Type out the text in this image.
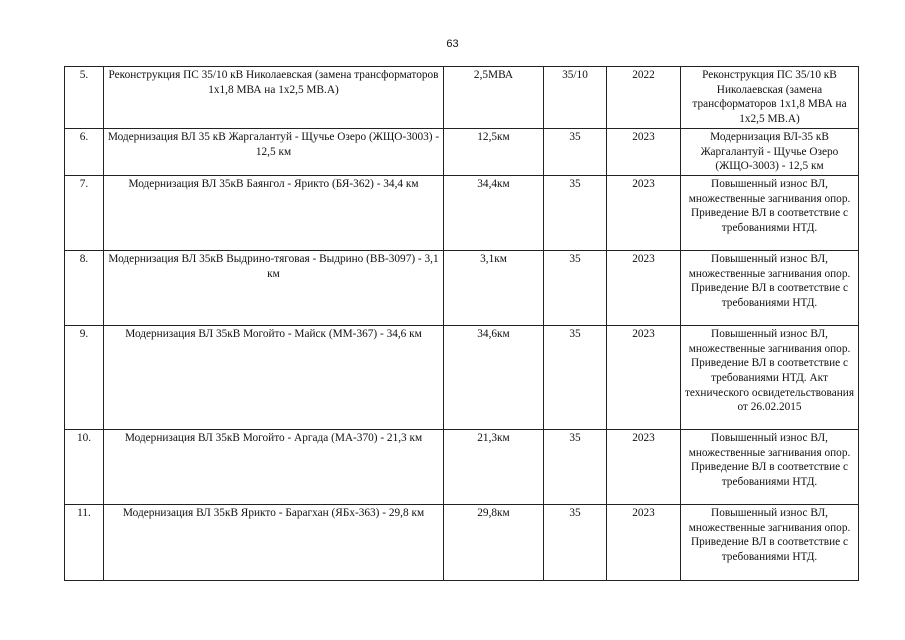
63
5.	Реконструкция ПС 35/10 кВ Николаевская (замена трансформаторов 1х1,8 МВА на 1х2,5 МВ.А)	2,5МВА	35/10	2022	Реконструкция ПС 35/10 кВ Николаевская (замена трансформаторов 1х1,8 МВА на 1х2,5 МВ.А)
6.	Модернизация ВЛ 35 кВ Жаргалантуй - Щучье Озеро (ЖЩО-3003) - 12,5 км	12,5км	35	2023	Модернизация ВЛ-35 кВ Жаргалантуй - Щучье Озеро (ЖЩО-3003) - 12,5 км
7.	Модернизация ВЛ 35кВ Баянгол - Яриктo (БЯ-362) - 34,4 км	34,4км	35	2023	Повышенный износ ВЛ, множественные загнивания опор. Приведение ВЛ в соответствие с требованиями НТД.
8.	Модернизация ВЛ 35кВ Выдрино-тяговая - Выдрино (ВВ-3097) - 3,1 км	3,1км	35	2023	Повышенный износ ВЛ, множественные загнивания опор. Приведение ВЛ в соответствие с требованиями НТД.
9.	Модернизация ВЛ 35кВ Могойто - Майск (ММ-367) - 34,6 км	34,6км	35	2023	Повышенный износ ВЛ, множественные загнивания опор. Приведение ВЛ в соответствие с требованиями НТД. Акт технического освидетельствования от 26.02.2015
10.	Модернизация ВЛ 35кВ Могойто - Аргада (МА-370) - 21,3 км	21,3км	35	2023	Повышенный износ ВЛ, множественные загнивания опор. Приведение ВЛ в соответствие с требованиями НТД.
11.	Модернизация ВЛ 35кВ Яриктo - Барагхан (ЯБх-363) - 29,8 км	29,8км	35	2023	Повышенный износ ВЛ, множественные загнивания опор. Приведение ВЛ в соответствие с требованиями НТД.
